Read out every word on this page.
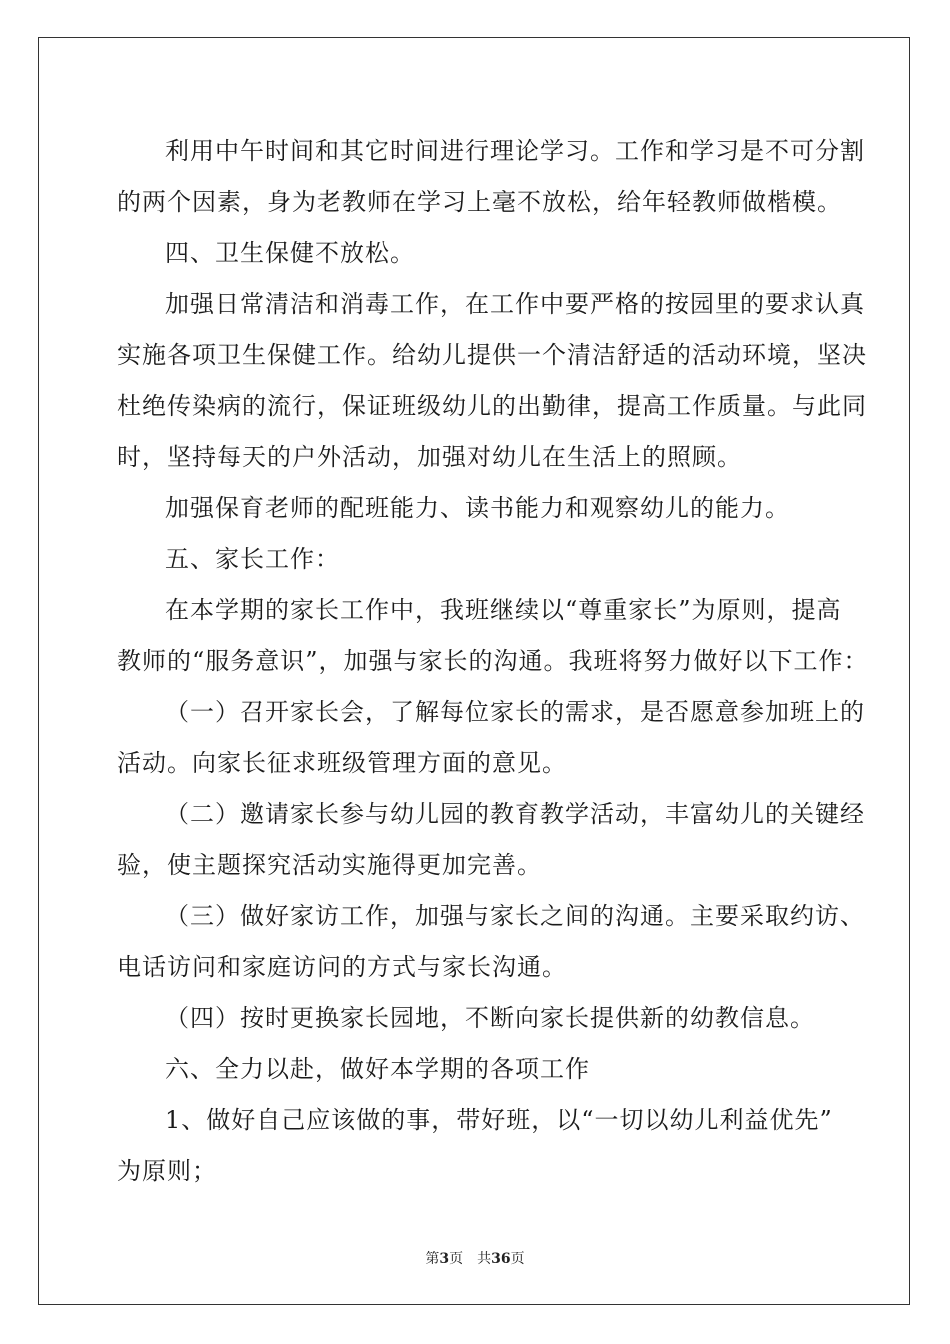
利用中午时间和其它时间进行理论学习。工作和学习是不可分割
的两个因素，身为老教师在学习上毫不放松，给年轻教师做楷模。
四、卫生保健不放松。
加强日常清洁和消毒工作，在工作中要严格的按园里的要求认真
实施各项卫生保健工作。给幼儿提供一个清洁舒适的活动环境，坚决
杜绝传染病的流行，保证班级幼儿的出勤律，提高工作质量。与此同
时，坚持每天的户外活动，加强对幼儿在生活上的照顾。
加强保育老师的配班能力、读书能力和观察幼儿的能力。
五、家长工作：
在本学期的家长工作中，我班继续以“尊重家长”为原则，提高
教师的“服务意识”，加强与家长的沟通。我班将努力做好以下工作：
（一）召开家长会，了解每位家长的需求，是否愿意参加班上的
活动。向家长征求班级管理方面的意见。
（二）邀请家长参与幼儿园的教育教学活动，丰富幼儿的关键经
验，使主题探究活动实施得更加完善。
（三）做好家访工作，加强与家长之间的沟通。主要采取约访、
电话访问和家庭访问的方式与家长沟通。
（四）按时更换家长园地，不断向家长提供新的幼教信息。
六、全力以赴，做好本学期的各项工作
1、做好自己应该做的事，带好班，以“一切以幼儿利益优先”
为原则；
第3页 共36页
